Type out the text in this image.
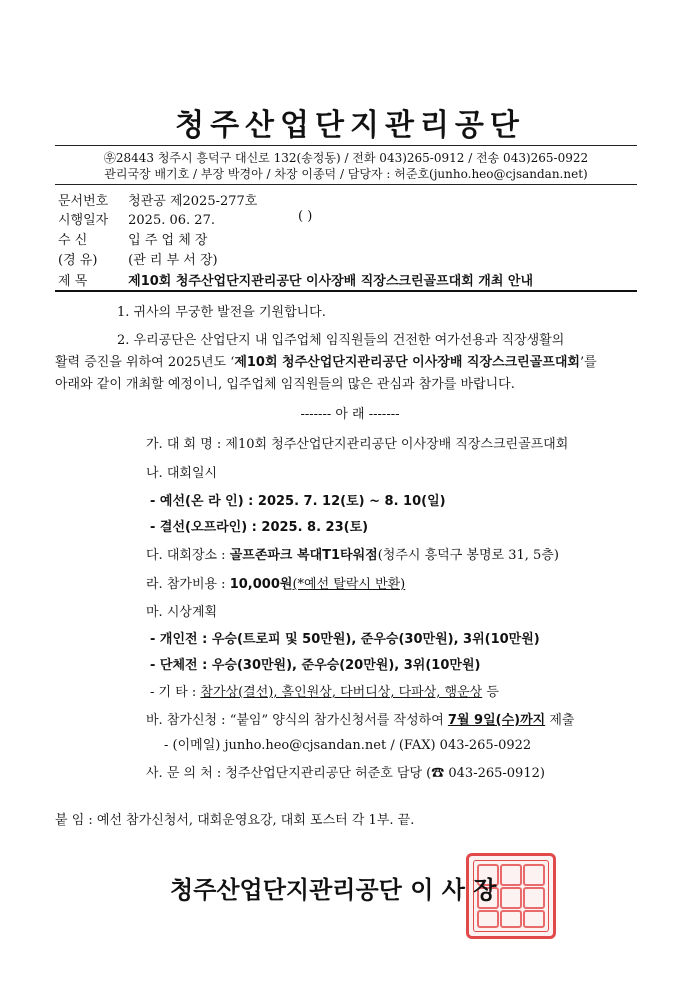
청주산업단지관리공단
㉾28443 청주시 흥덕구 대신로 132(송정동) / 전화 043)265-0912 / 전송 043)265-0922
관리국장 배기호 / 부장 박경아 / 차장 이종덕 / 담당자 : 허준호(junho.heo@cjsandan.net)
문서번호 청관공 제2025-277호
시행일자 2025. 06. 27.	( )
수 신	입 주 업 체 장
(경 유) (관 리 부 서 장)
제 목	제10회 청주산업단지관리공단 이사장배 직장스크린골프대회 개최 안내
1. 귀사의 무궁한 발전을 기원합니다.
2. 우리공단은 산업단지 내 입주업체 임직원들의 건전한 여가선용과 직장생활의
활력 증진을 위하여 2025년도 ‘제10회 청주산업단지관리공단 이사장배 직장스크린골프대회’를
아래와 같이 개최할 예정이니, 입주업체 임직원들의 많은 관심과 참가를 바랍니다.
------- 아 래 -------
가. 대 회 명 : 제10회 청주산업단지관리공단 이사장배 직장스크린골프대회
나. 대회일시
- 예선(온 라 인) : 2025. 7. 12(토) ~ 8. 10(일)
- 결선(오프라인) : 2025. 8. 23(토)
다. 대회장소 : 골프존파크 복대T1타워점(청주시 흥덕구 봉명로 31, 5층)
라. 참가비용 : 10,000원(*예선 탈락시 반환)
마. 시상계획
- 개인전 : 우승(트로피 및 50만원), 준우승(30만원), 3위(10만원)
- 단체전 : 우승(30만원), 준우승(20만원), 3위(10만원)
- 기 타 : 참가상(결선), 홀인원상, 다버디상, 다파상, 행운상 등
바. 참가신청 : “붙임” 양식의 참가신청서를 작성하여 7월 9일(수)까지 제출
- (이메일) junho.heo@cjsandan.net / (FAX) 043-265-0922
사. 문 의 처 : 청주산업단지관리공단 허준호 담당 (☎ 043-265-0912)
붙 임 : 예선 참가신청서, 대회운영요강, 대회 포스터 각 1부. 끝.
청주산업단지관리공단 이 사 장
